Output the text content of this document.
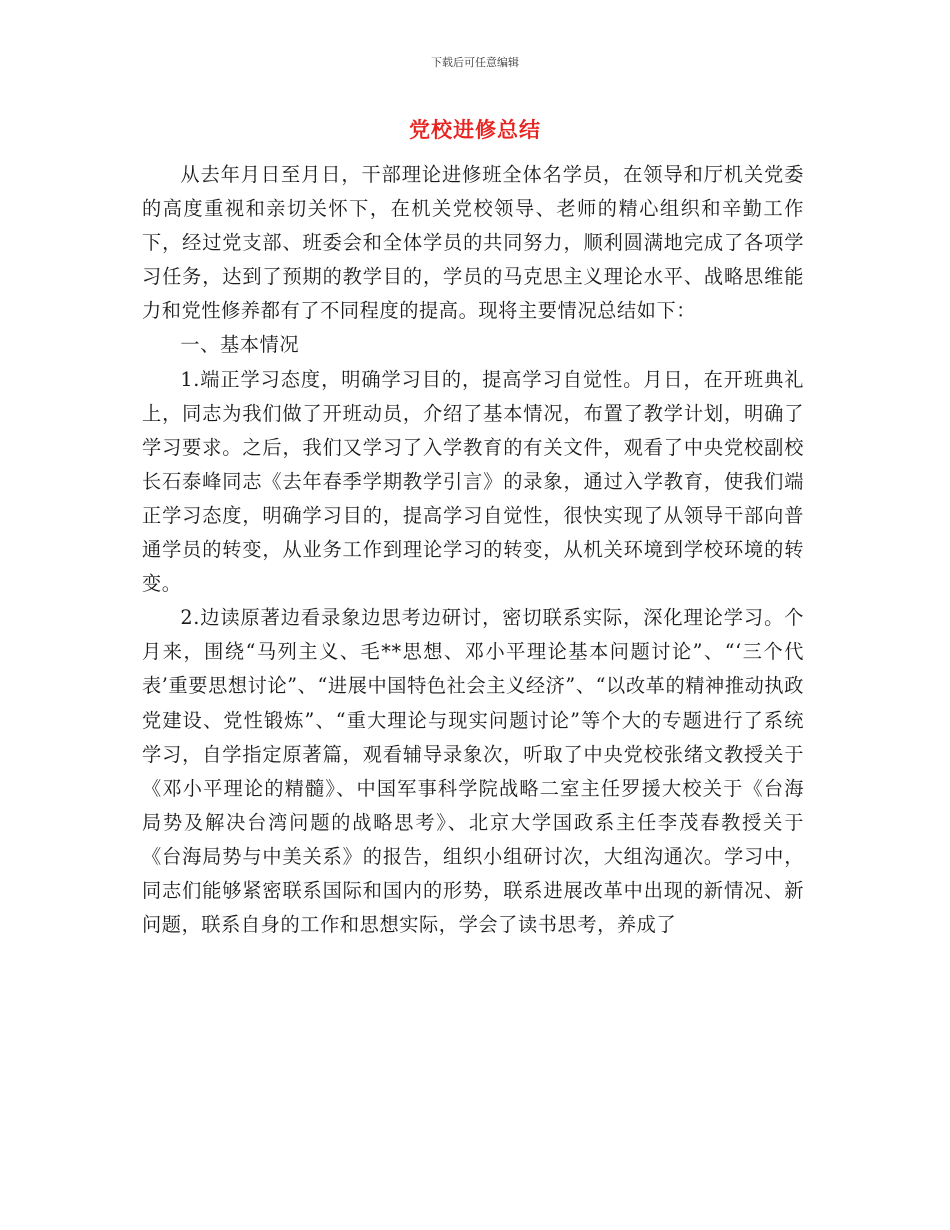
下载后可任意编辑
党校进修总结

从去年月日至月日，干部理论进修班全体名学员，在领导和厅机关党委的高度重视和亲切关怀下，在机关党校领导、老师的精心组织和辛勤工作下，经过党支部、班委会和全体学员的共同努力，顺利圆满地完成了各项学习任务，达到了预期的教学目的，学员的马克思主义理论水平、战略思维能力和党性修养都有了不同程度的提高。现将主要情况总结如下：

一、基本情况

1.端正学习态度，明确学习目的，提高学习自觉性。月日，在开班典礼上，同志为我们做了开班动员，介绍了基本情况，布置了教学计划，明确了学习要求。之后，我们又学习了入学教育的有关文件，观看了中央党校副校长石泰峰同志《去年春季学期教学引言》的录象，通过入学教育，使我们端正学习态度，明确学习目的，提高学习自觉性，很快实现了从领导干部向普通学员的转变，从业务工作到理论学习的转变，从机关环境到学校环境的转变。

2.边读原著边看录象边思考边研讨，密切联系实际，深化理论学习。个月来，围绕“马列主义、毛**思想、邓小平理论基本问题讨论”、“‘三个代表’重要思想讨论”、“进展中国特色社会主义经济”、“以改革的精神推动执政党建设、党性锻炼”、“重大理论与现实问题讨论”等个大的专题进行了系统学习，自学指定原著篇，观看辅导录象次，听取了中央党校张绪文教授关于《邓小平理论的精髓》、中国军事科学院战略二室主任罗援大校关于《台海局势及解决台湾问题的战略思考》、北京大学国政系主任李茂春教授关于《台海局势与中美关系》的报告，组织小组研讨次，大组沟通次。学习中，同志们能够紧密联系国际和国内的形势，联系进展改革中出现的新情况、新问题，联系自身的工作和思想实际，学会了读书思考，养成了
